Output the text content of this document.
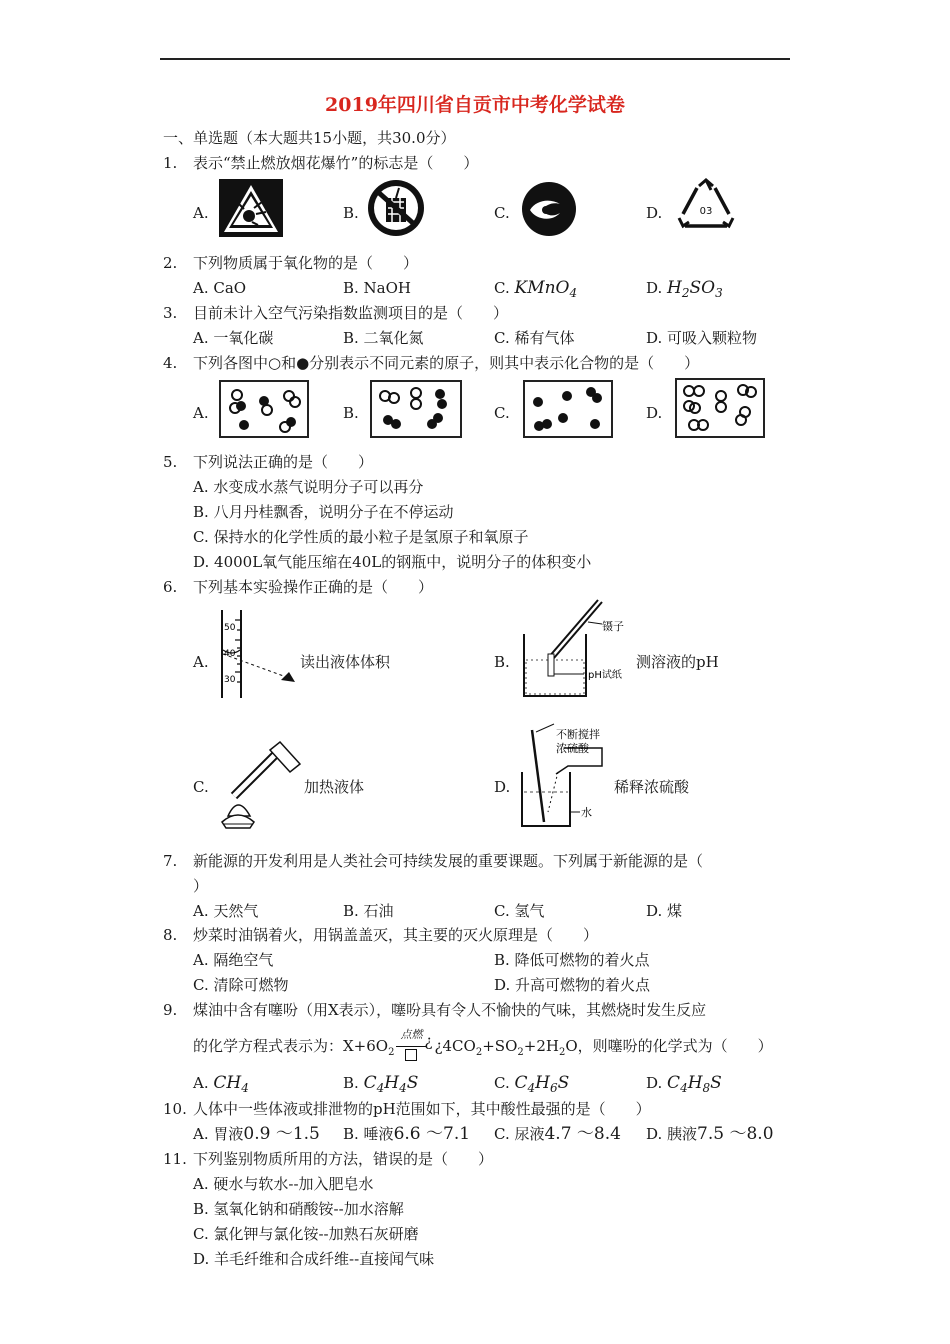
2019年四川省自贡市中考化学试卷
一、单选题（本大题共15小题，共30.0分）
1. 表示“禁止燃放烟花爆竹”的标志是（　　）
A.	B.	C.	D.	03
2. 下列物质属于氧化物的是（　　）
A. CaO	B. NaOH	C. KMnO$_4$	D. $H_2SO_3$
3. 目前未计入空气污染指数监测项目的是（　　）
A. 一氧化碳	B. 二氧化氮	C. 稀有气体	D. 可吸入颗粒物
4. 下列各图中○和●分别表示不同元素的原子，则其中表示化合物的是（　　）
A.	B.	C.	D.
5. 下列说法正确的是（　　）
A. 水变成水蒸气说明分子可以再分
B. 八月丹桂飘香，说明分子在不停运动
C. 保持水的化学性质的最小粒子是氢原子和氧原子
D. 4000L氧气能压缩在40L的钢瓶中，说明分子的体积变小
6. 下列基本实验操作正确的是（　　）
A.
50
40
30
读出液体体积	B.
镊子
pH试纸
测溶液的pH
C.	加热液体	D.
不断搅拌
浓硫酸
水
稀释浓硫酸
7. 新能源的开发利用是人类社会可持续发展的重要课题。下列属于新能源的是（
）
A. 天然气	B. 石油	C. 氢气	D. 煤
8. 炒菜时油锅着火，用锅盖盖灭，其主要的灭火原理是（　　）
A. 隔绝空气	B. 降低可燃物的着火点
C. 清除可燃物	D. 升高可燃物的着火点
9. 煤油中含有噻吩（用X表示），噻吩具有令人不愉快的气味，其燃烧时发生反应
的化学方程式表示为：$X+6O_2$
点燃 ¿ ¿$4CO_2+SO_2+2H_2O$，则噻吩的化学式为（　　）
A. $CH_4$	B. $C_4H_4S$	C. $C_4H_6S$	D. $C_4H_8S$
10. 人体中一些体液或排泄物的pH范围如下，其中酸性最强的是（　　）
A. 胃液0.9 ～1.5 B. 唾液6.6 ～7.1 C. 尿液4.7 ～8.4 D. 胰液7.5 ～8.0
11. 下列鉴别物质所用的方法，错误的是（　　）
A. 硬水与软水--加入肥皂水
B. 氢氧化钠和硝酸铵--加水溶解
C. 氯化钾与氯化铵--加熟石灰研磨
D. 羊毛纤维和合成纤维--直接闻气味
